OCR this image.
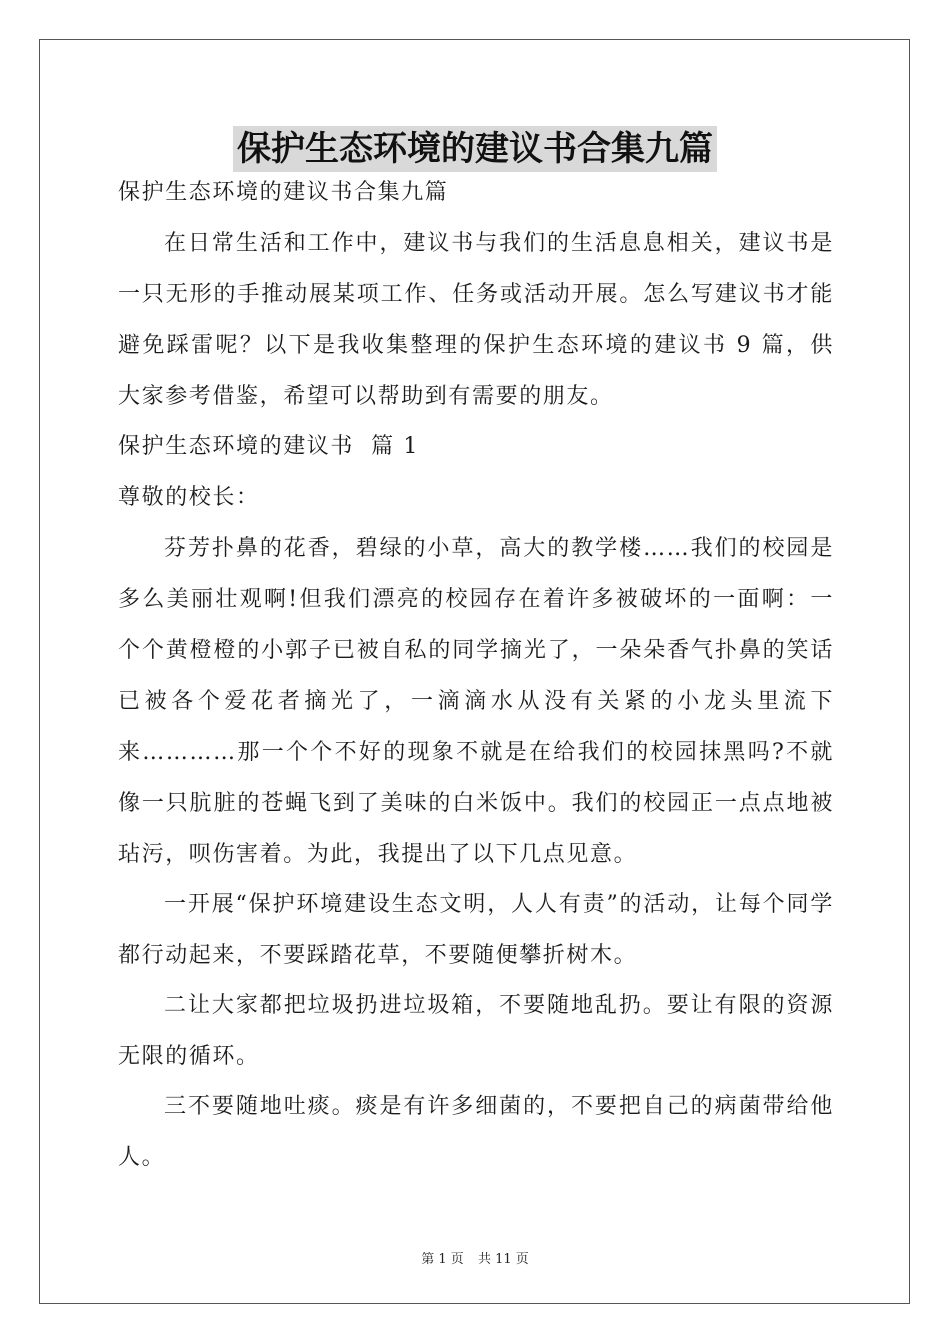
保护生态环境的建议书合集九篇

保护生态环境的建议书合集九篇

在日常生活和工作中，建议书与我们的生活息息相关，建议书是一只无形的手推动展某项工作、任务或活动开展。怎么写建议书才能避免踩雷呢？以下是我收集整理的保护生态环境的建议书 9 篇，供大家参考借鉴，希望可以帮助到有需要的朋友。

保护生态环境的建议书  篇 1

尊敬的校长：

芬芳扑鼻的花香，碧绿的小草，高大的教学楼……我们的校园是多么美丽壮观啊!但我们漂亮的校园存在着许多被破坏的一面啊：一个个黄橙橙的小郭子已被自私的同学摘光了，一朵朵香气扑鼻的笑话已被各个爱花者摘光了，一滴滴水从没有关紧的小龙头里流下来…………那一个个不好的现象不就是在给我们的校园抹黑吗?不就像一只肮脏的苍蝇飞到了美味的白米饭中。我们的校园正一点点地被玷污，呗伤害着。为此，我提出了以下几点见意。

一开展“保护环境建设生态文明，人人有责”的活动，让每个同学都行动起来，不要踩踏花草，不要随便攀折树木。

二让大家都把垃圾扔进垃圾箱，不要随地乱扔。要让有限的资源无限的循环。

三不要随地吐痰。痰是有许多细菌的，不要把自己的病菌带给他人。

第 1 页 共 11 页
